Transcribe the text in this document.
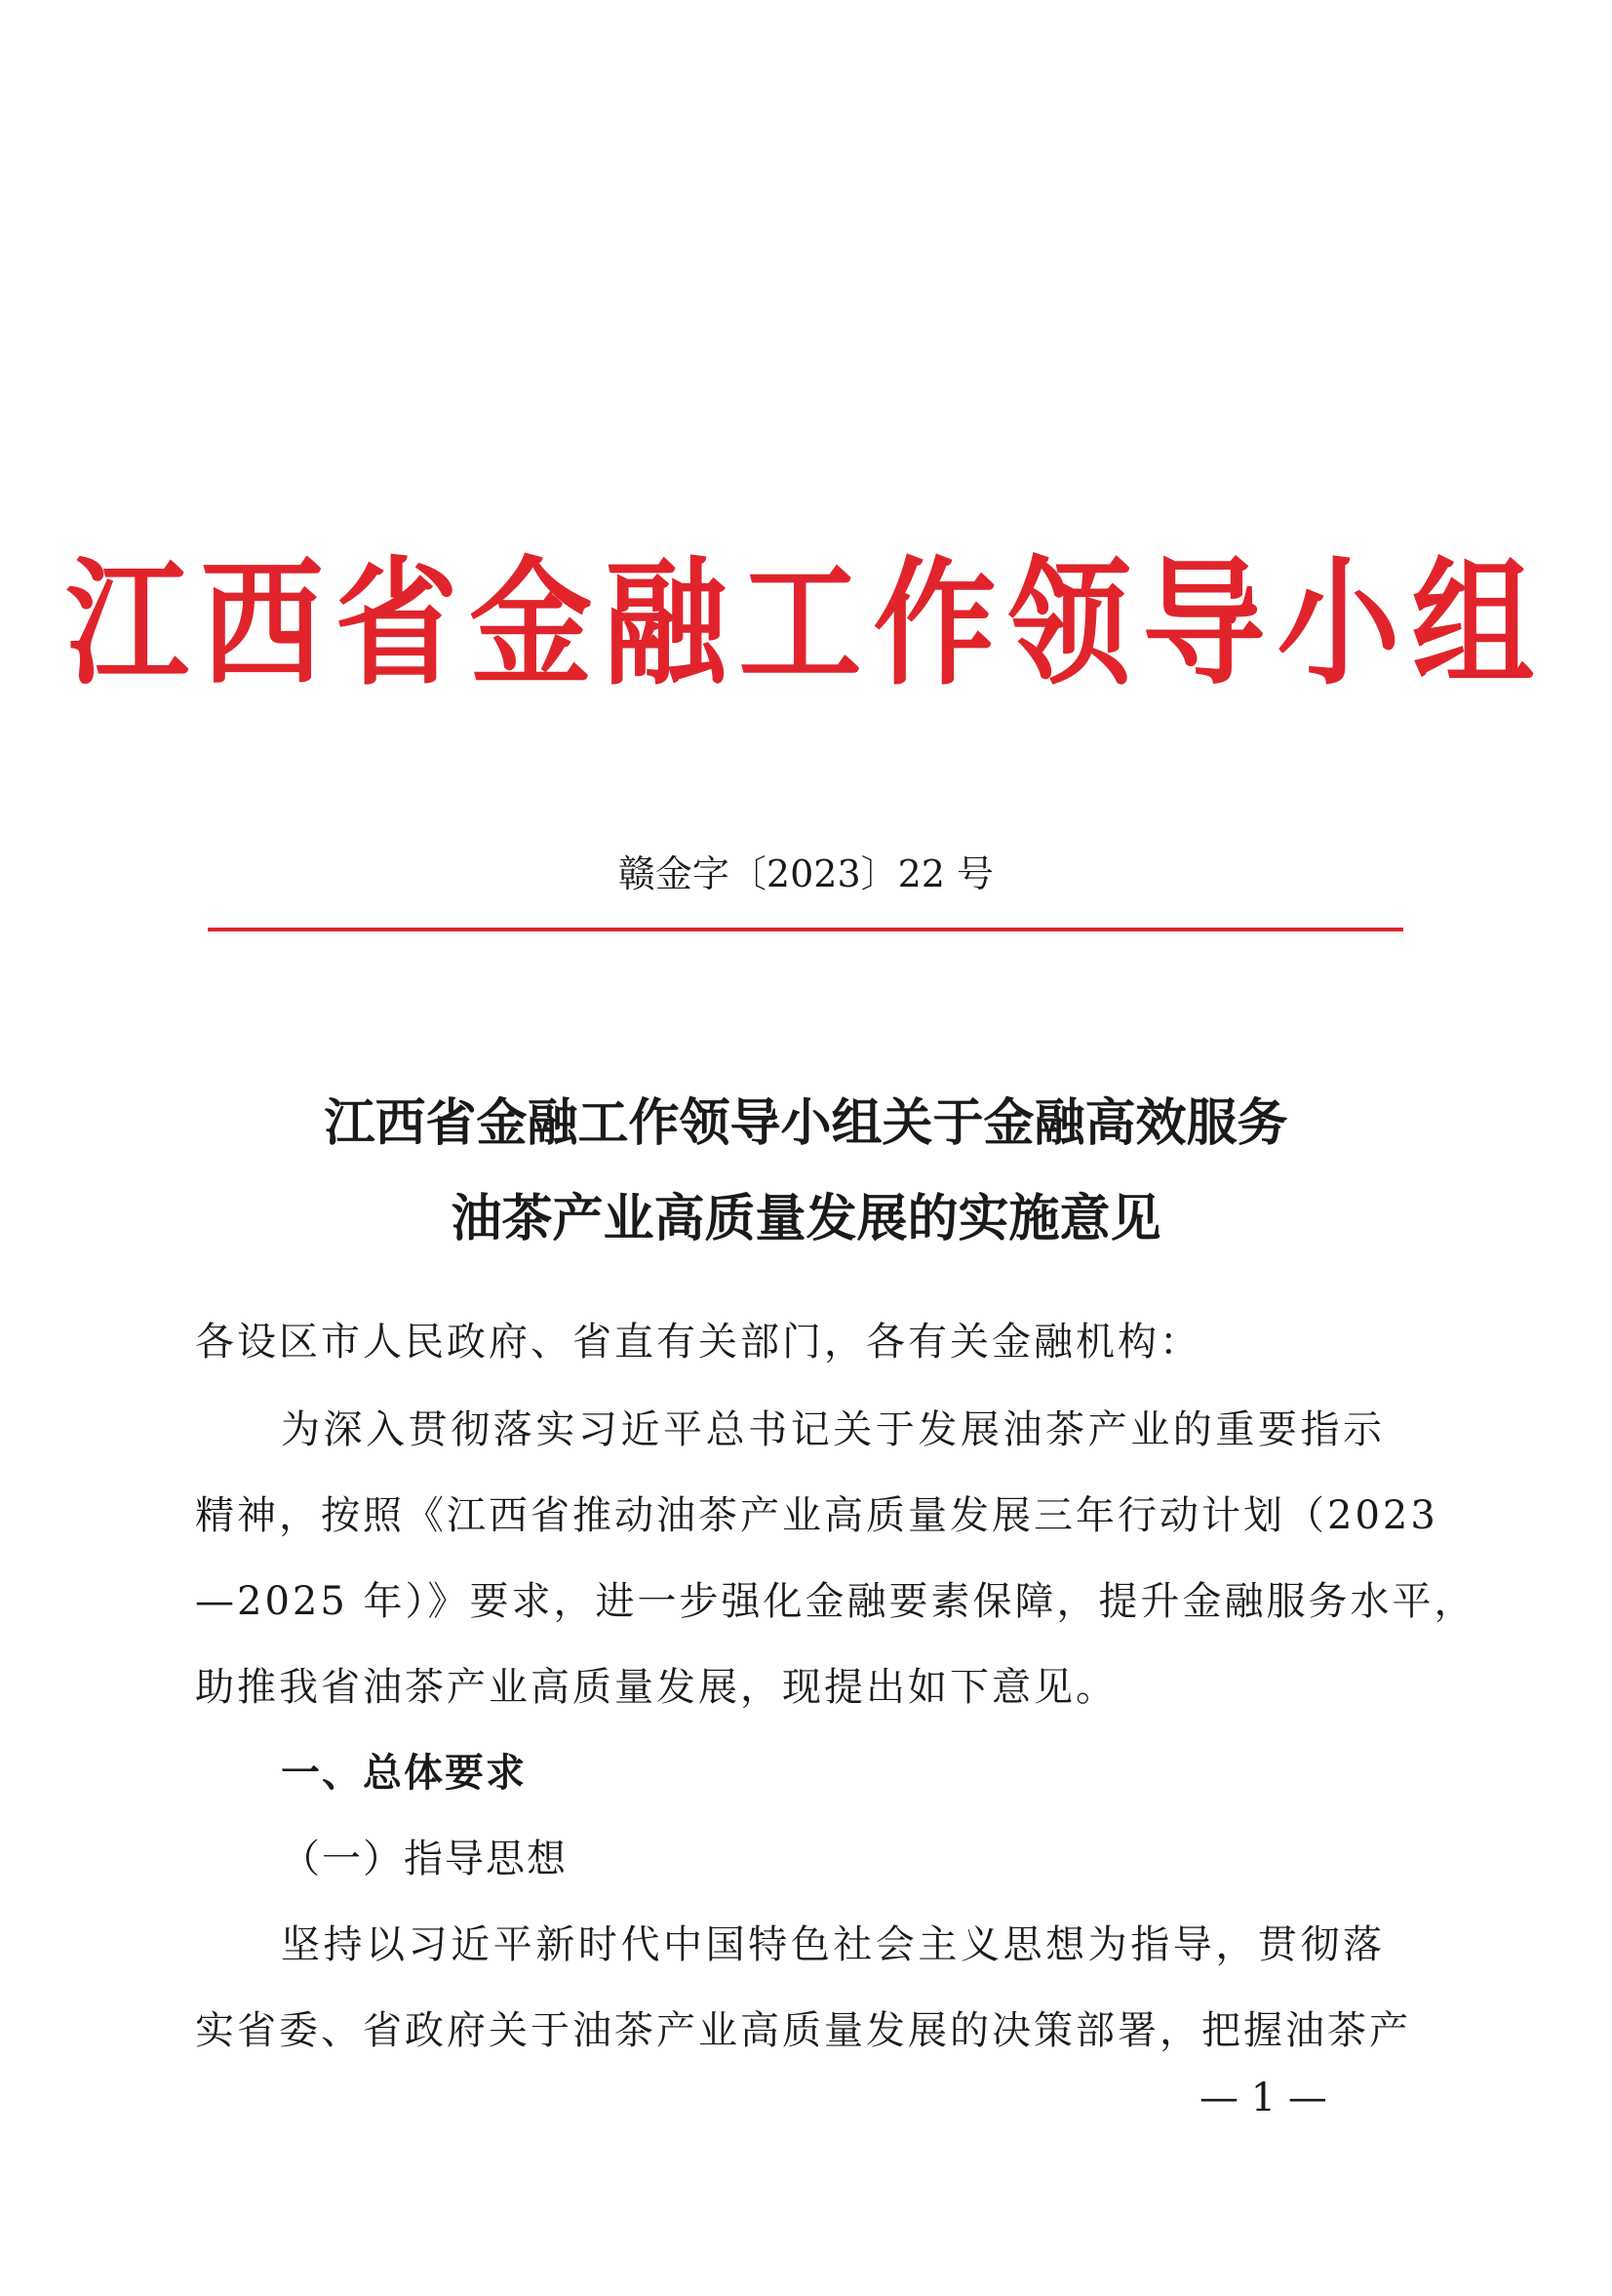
江西省金融工作领导小组
赣金字〔2023〕22 号
江西省金融工作领导小组关于金融高效服务
油茶产业高质量发展的实施意见
各设区市人民政府、省直有关部门，各有关金融机构：
为深入贯彻落实习近平总书记关于发展油茶产业的重要指示
精神，按照《江西省推动油茶产业高质量发展三年行动计划（2023
—2025 年）》要求，进一步强化金融要素保障，提升金融服务水平，
助推我省油茶产业高质量发展，现提出如下意见。
一、总体要求
（一）指导思想
坚持以习近平新时代中国特色社会主义思想为指导，贯彻落
实省委、省政府关于油茶产业高质量发展的决策部署，把握油茶产
— 1 —
